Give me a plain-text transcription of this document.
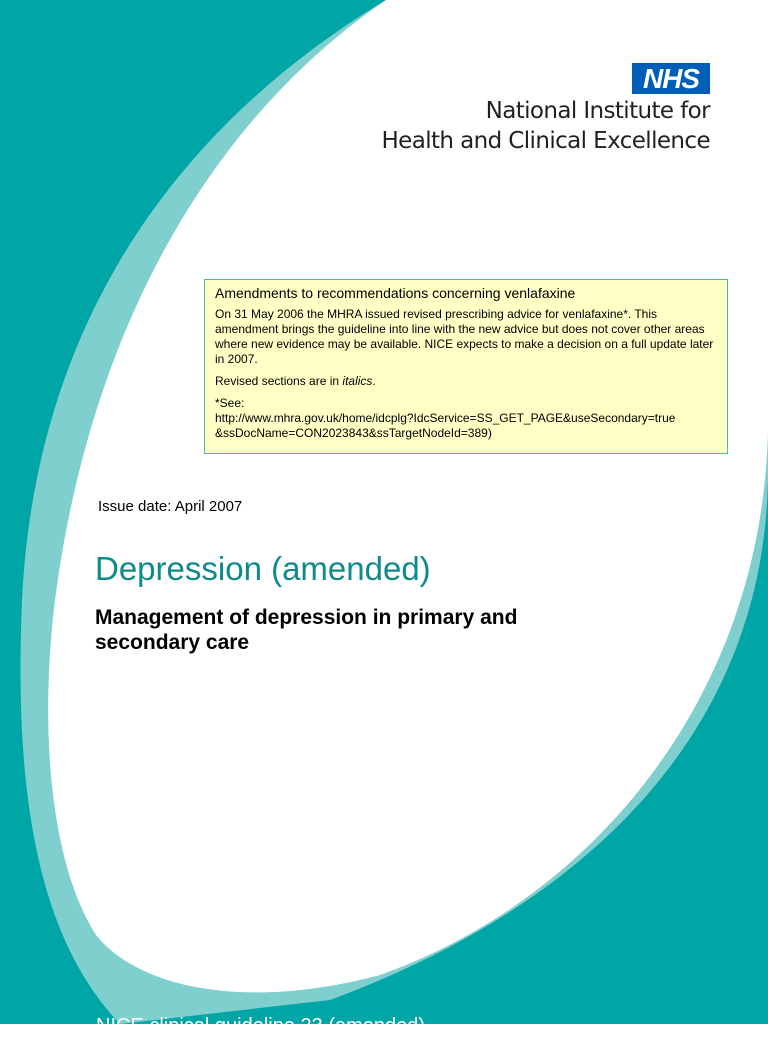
NHS
National Institute for
Health and Clinical Excellence

Amendments to recommendations concerning venlafaxine

On 31 May 2006 the MHRA issued revised prescribing advice for venlafaxine*. This amendment brings the guideline into line with the new advice but does not cover other areas where new evidence may be available. NICE expects to make a decision on a full update later in 2007.

Revised sections are in italics.

*See:

http://www.mhra.gov.uk/home/idcplg?IdcService=SS_GET_PAGE&useSecondary=true

&ssDocName=CON2023843&ssTargetNodeId=389)

Issue date: April 2007
Depression (amended)
Management of depression in primary and secondary care
NICE clinical guideline 23 (amended)
